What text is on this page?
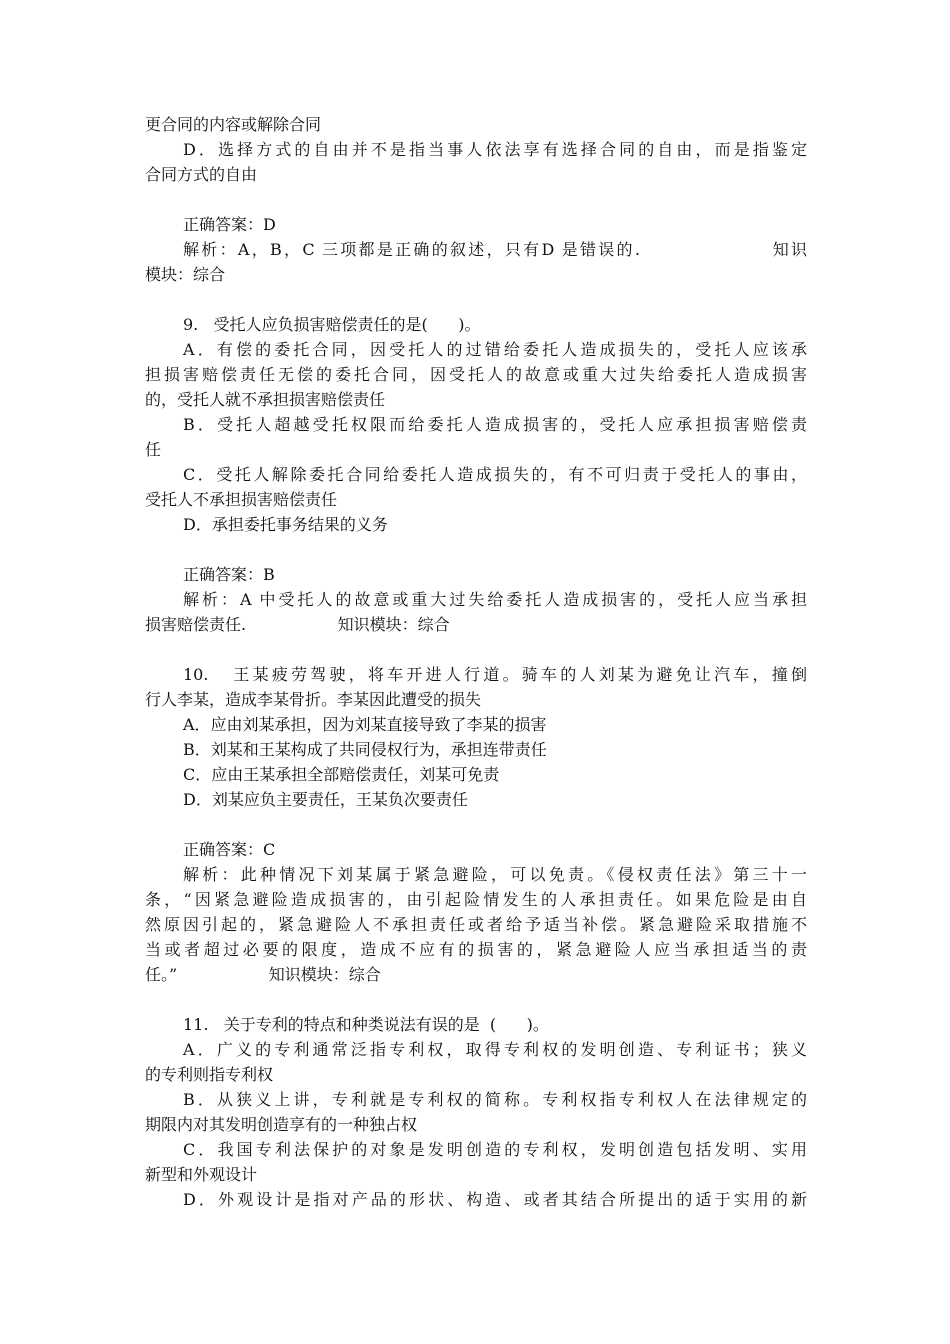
更合同的内容或解除合同
D．选择方式的自由并不是指当事人依法享有选择合同的自由，而是指鉴定
合同方式的自由
正确答案：D
解析：A，B，C 三项都是正确的叙述，只有D 是错误的.                  知识
模块：综合
9.   受托人应负损害赔偿责任的是(      )。
A．有偿的委托合同，因受托人的过错给委托人造成损失的，受托人应该承
担损害赔偿责任无偿的委托合同，因受托人的故意或重大过失给委托人造成损害
的，受托人就不承担损害赔偿责任
B．受托人超越受托权限而给委托人造成损害的，受托人应承担损害赔偿责
任
C．受托人解除委托合同给委托人造成损失的，有不可归责于受托人的事由，
受托人不承担损害赔偿责任
D．承担委托事务结果的义务
正确答案：B
解析：A 中受托人的故意或重大过失给委托人造成损害的，受托人应当承担
损害赔偿责任.                  知识模块：综合
10.   王某疲劳驾驶，将车开进人行道。骑车的人刘某为避免让汽车，撞倒
行人李某，造成李某骨折。李某因此遭受的损失
A．应由刘某承担，因为刘某直接导致了李某的损害
B．刘某和王某构成了共同侵权行为，承担连带责任
C．应由王某承担全部赔偿责任，刘某可免责
D．刘某应负主要责任，王某负次要责任
正确答案：C
解析：此种情况下刘某属于紧急避险，可以免责。《侵权责任法》第三十一
条，“因紧急避险造成损害的，由引起险情发生的人承担责任。如果危险是由自
然原因引起的，紧急避险人不承担责任或者给予适当补偿。紧急避险采取措施不
当或者超过必要的限度，造成不应有的损害的，紧急避险人应当承担适当的责
任。”                  知识模块：综合
11.   关于专利的特点和种类说法有误的是  (      )。
A．广义的专利通常泛指专利权，取得专利权的发明创造、专利证书；狭义
的专利则指专利权
B．从狭义上讲，专利就是专利权的简称。专利权指专利权人在法律规定的
期限内对其发明创造享有的一种独占权
C．我国专利法保护的对象是发明创造的专利权，发明创造包括发明、实用
新型和外观设计
D．外观设计是指对产品的形状、构造、或者其结合所提出的适于实用的新
